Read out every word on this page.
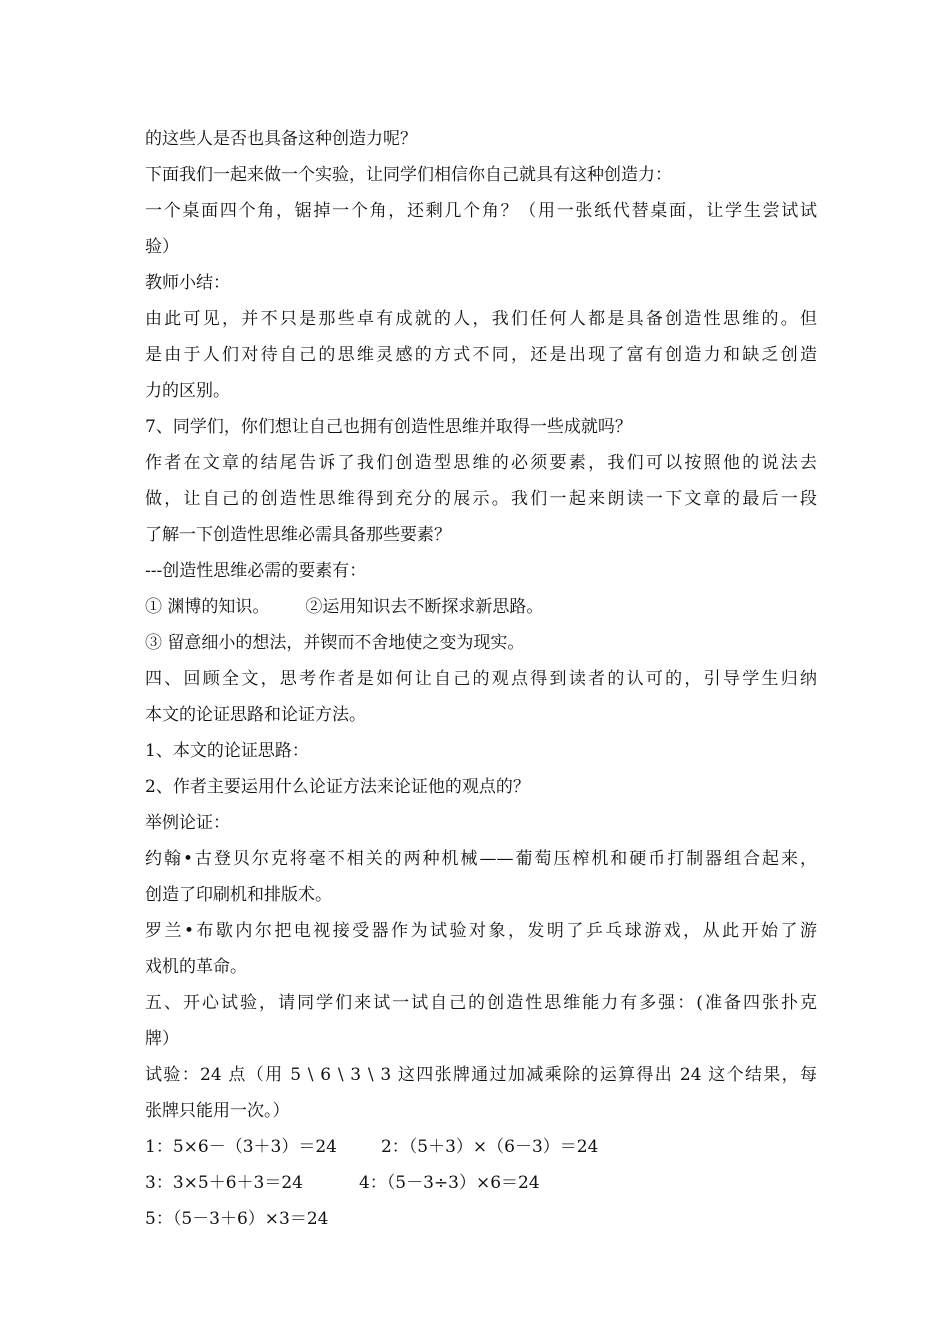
的这些人是否也具备这种创造力呢？
下面我们一起来做一个实验，让同学们相信你自己就具有这种创造力：
一个桌面四个角，锯掉一个角，还剩几个角？（用一张纸代替桌面，让学生尝试试
验）
教师小结：
由此可见，并不只是那些卓有成就的人，我们任何人都是具备创造性思维的。但
是由于人们对待自己的思维灵感的方式不同，还是出现了富有创造力和缺乏创造
力的区别。
7、同学们，你们想让自己也拥有创造性思维并取得一些成就吗？
作者在文章的结尾告诉了我们创造型思维的必须要素，我们可以按照他的说法去
做，让自己的创造性思维得到充分的展示。我们一起来朗读一下文章的最后一段
了解一下创造性思维必需具备那些要素？
---创造性思维必需的要素有：
① 渊博的知识。 ②运用知识去不断探求新思路。
③ 留意细小的想法，并锲而不舍地使之变为现实。
四、回顾全文，思考作者是如何让自己的观点得到读者的认可的，引导学生归纳
本文的论证思路和论证方法。
1、本文的论证思路：
2、作者主要运用什么论证方法来论证他的观点的？
举例论证：
约翰•古登贝尔克将毫不相关的两种机械——葡萄压榨机和硬币打制器组合起来，
创造了印刷机和排版术。
罗兰•布歇内尔把电视接受器作为试验对象，发明了乒乓球游戏，从此开始了游
戏机的革命。
五、开心试验，请同学们来试一试自己的创造性思维能力有多强：(准备四张扑克
牌）
试验：24 点（用 5 \ 6 \ 3 \ 3 这四张牌通过加减乘除的运算得出 24 这个结果，每
张牌只能用一次。）
1：5×6－（3＋3）＝24	2：（5＋3）×（6－3）＝24
3：3×5＋6＋3＝24	4：（5－3÷3）×6＝24
5：（5－3＋6）×3＝24
